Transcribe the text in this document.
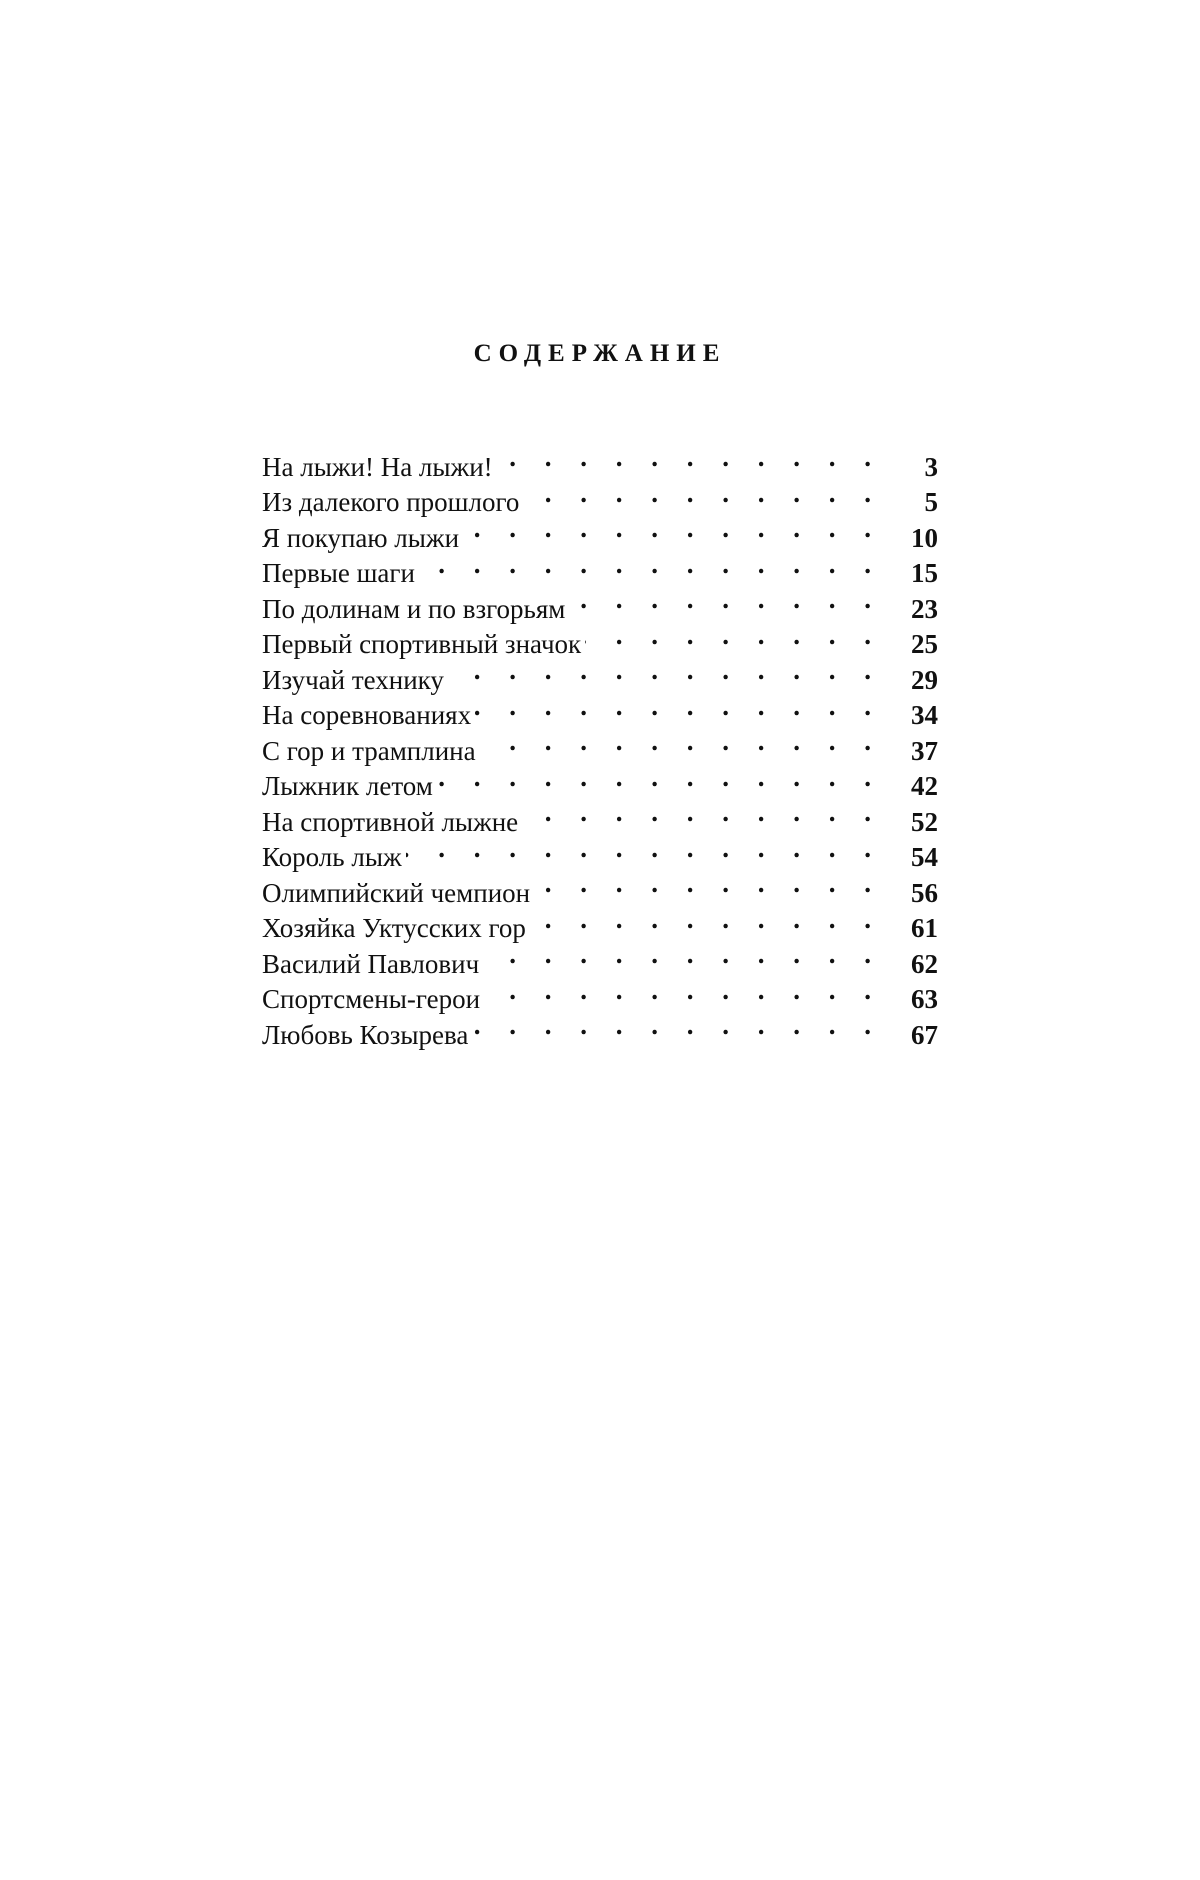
СОДЕРЖАНИЕ
На лыжи! На лыжи! . . .	3
Из далекого прошлого . . .	5
Я покупаю лыжи . . .	10
Первые шаги . . .	15
По долинам и по взгорьям . . .	23
Первый спортивный значок . . .	25
Изучай технику . . .	29
На соревнованиях . . .	34
С гор и трамплина . . .	37
Лыжник летом . . .	42
На спортивной лыжне . . .	52
Король лыж . . .	54
Олимпийский чемпион . . .	56
Хозяйка Уктусских гор . . .	61
Василий Павлович . . .	62
Спортсмены-герои . . .	63
Любовь Козырева . . .	67
